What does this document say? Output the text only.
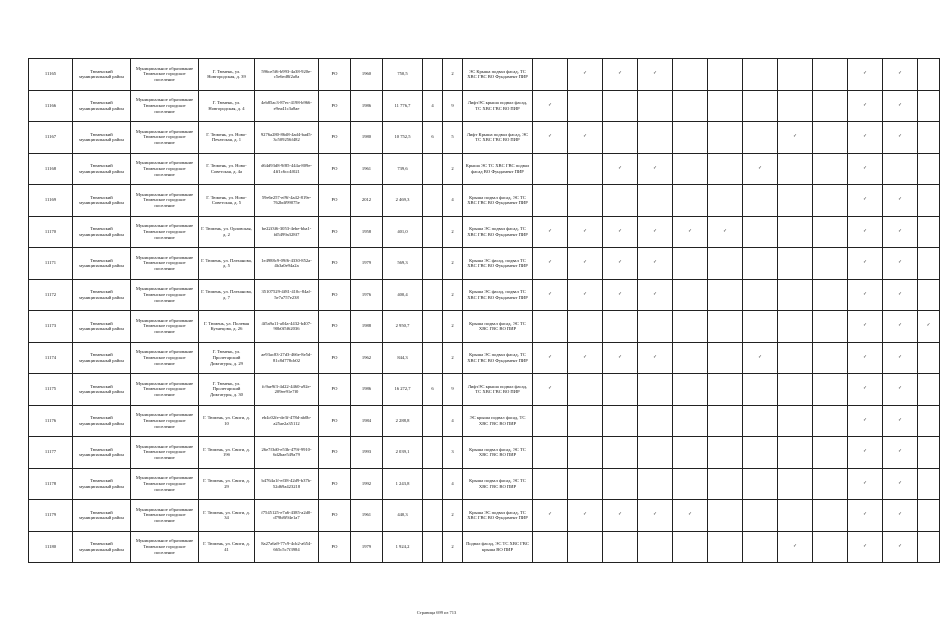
11165	Тюменский муниципальный район	Муниципальное образование Тюменское городское поселение	Г. Тюмень, ул. Новгородская, д. 39	596ce5f6-b993-4a38-920e-c5e6ed8f2a0a	РО	1960	750,5		2	ЭС Крыша подвал фасад, ТС ХВС ГВС ВО Фундамент ПИР		✓	✓	✓						✓	✓	
11166	Тюменский муниципальный район	Муниципальное образование Тюменское городское поселение	Г. Тюмень, ул. Новгородская, д. 4	4eb85ac3-87ec-4198-b966-e9ea41c3a8ae	РО	1986	11 776,7	4	9	ЛифтЭС крыша подвал фасад, ТС ХВС ГВС ВО ПИР	✓									✓	✓	
11167	Тюменский муниципальный район	Муниципальное образование Тюменское городское поселение	Г. Тюмень, ул. Ново-Печатская, д. 1	9276a280-86d8-4ad4-bad5-3c509256f482	РО	1980	10 752,5	6	5	Лифт Крыша подвал фасад, ЭС ТС ХВС ГВС ВО ПИР	✓	✓						✓		✓	✓	
11168	Тюменский муниципальный район	Муниципальное образование Тюменское городское поселение	Г. Тюмень, ул. Ново-Советская, д. 4а	d64d93d8-9f85-444a-809e-4ff1c6cc4f021	РО	1961	739,6		2	Крыша ЭС ТС ХВС ГВС подвал фасад ВО Фундамент ПИР			✓	✓			✓			✓		
11169	Тюменский муниципальный район	Муниципальное образование Тюменское городское поселение	Г. Тюмень, ул. Ново-Советская, д. 5	59e6e257-ef9f-4a42-819e-762bdf99075e	РО	2012	2 469,3		4	Крыша подвал фасад, ЭС ТС ХВС ГВС ВО Фундамент ПИР										✓	✓	
11170	Тюменский муниципальный район	Муниципальное образование Тюменское городское поселение	Г. Тюмень, ул. Орловская, д. 2	be22f3f6-3053-4ebe-bba1-fd5499a328f7	РО	1958	401,0		2	Крыша ЭС подвал фасад, ТС ХВС ГВС ВО Фундамент ПИР	✓	✓	✓	✓	✓	✓				✓	✓	
11171	Тюменский муниципальный район	Муниципальное образование Тюменское городское поселение	Г. Тюмень, ул. Плеханова, д. 5	1e4988c9-09f6-4330-852a-4b3a0e94a2a	РО	1979	569,3		2	Крыша ЭС фасад, подвал ТС ХВС ГВС ВО Фундамент ПИР	✓	✓	✓	✓						✓	✓	
11172	Тюменский муниципальный район	Муниципальное образование Тюменское городское поселение	Г. Тюмень, ул. Плеханова, д. 7	35107529-4f81-410c-84af-5e7a757e238	РО	1976	400,4		2	Крыша ЭС фасад, подвал ТС ХВС ГВС ВО Фундамент ПИР	✓	✓	✓	✓						✓	✓	
11173	Тюменский муниципальный район	Муниципальное образование Тюменское городское поселение	Г. Тюмень, ул. Полевая Кузнецова, д. 26	4f5a9a11-a04a-4432-b407-90b0f5f62036	РО	1988	2 950,7		2	Крыша подвал фасад, ЭС ТС ХВС ГВС ВО ПИР										✓	✓	✓
11174	Тюменский муниципальный район	Муниципальное образование Тюменское городское поселение	Г. Тюмень, ул. Пролетарский Диктатуры, д. 29	ae93ac83-27d3-466e-8e5d-81c8d778cb02	РО	1962	844,3		2	Крыша ЭС подвал фасад, ТС ХВС ГВС ВО Фундамент ПИР	✓	✓	✓	✓			✓			✓	✓	
11175	Тюменский муниципальный район	Муниципальное образование Тюменское городское поселение	Г. Тюмень, ул. Пролетарский Диктатуры, д. 30	fc9ae9f3-4d22-4460-a92e-209ee91e7f0	РО	1986	16 272,7	6	9	ЛифтЭС крыша подвал фасад, ТС ХВС ГВС ВО ПИР	✓									✓	✓	
11176	Тюменский муниципальный район	Муниципальное образование Тюменское городское поселение	Г. Тюмень, ул. Свиги, д. 10	eb4c02fe-de3f-478d-ab0b-a25ae2a35112	РО	1984	2 288,8		4	ЭС крыша подвал фасад, ТС ХВС ГВС ВО ПИР										✓	✓	
11177	Тюменский муниципальный район	Муниципальное образование Тюменское городское поселение	Г. Тюмень, ул. Свиги, д. 19б	26e7f3d0-e53b-479f-9910-6d2bae549a79	РО	1993	2 039,1		3	Крыша подвал фасад, ЭС ТС ХВС ГВС ВО ПИР										✓	✓	
11178	Тюменский муниципальный район	Муниципальное образование Тюменское городское поселение	Г. Тюмень, ул. Свиги, д. 29	b4764a1f-ef38-42d9-b37b-52d69a423218	РО	1992	1 243,8		4	Крыша подвал фасад, ЭС ТС ХВС ГВС ВО ПИР										✓	✓	
11179	Тюменский муниципальный район	Муниципальное образование Тюменское городское поселение	Г. Тюмень, ул. Свиги, д. 34	f7545125-e7a6-4385-a2d0-d79b8f94e1a7	РО	1961	440,3		2	Крыша ЭС подвал фасад, ТС ХВС ГВС ВО Фундамент ПИР	✓	✓	✓	✓	✓					✓	✓	
11180	Тюменский муниципальный район	Муниципальное образование Тюменское городское поселение	Г. Тюмень, ул. Свиги, д. 41	8a27a6a9-77c9-4cb2-a654-665c5c7f3984	РО	1979	1 924,2		2	Подвал фасад, ЭС ТС ХВС ГВС крыша ВО ПИР								✓		✓	✓	
Страница 699 из 713
